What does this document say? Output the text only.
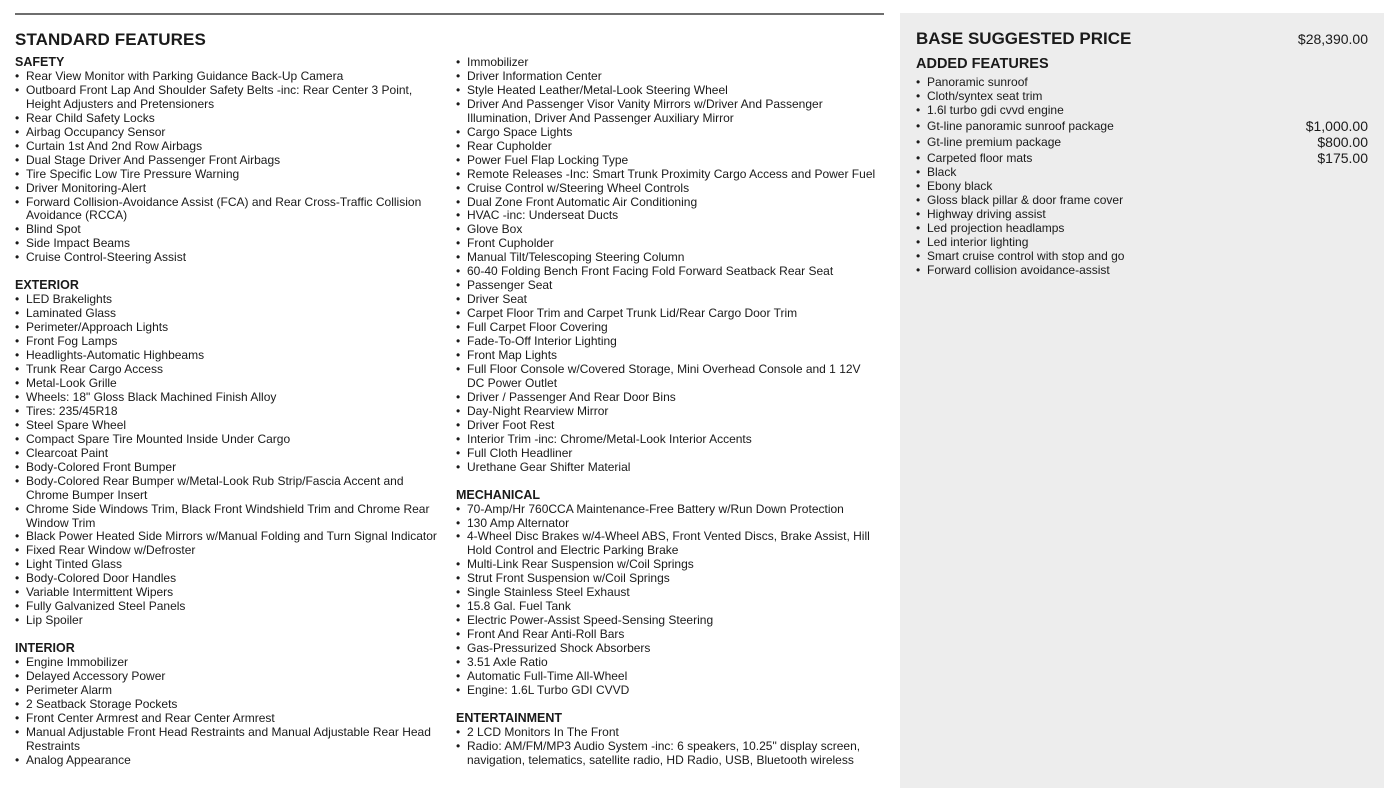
STANDARD FEATURES
SAFETY
• Rear View Monitor with Parking Guidance Back-Up Camera
• Outboard Front Lap And Shoulder Safety Belts -inc: Rear Center 3 Point, Height Adjusters and Pretensioners
• Rear Child Safety Locks
• Airbag Occupancy Sensor
• Curtain 1st And 2nd Row Airbags
• Dual Stage Driver And Passenger Front Airbags
• Tire Specific Low Tire Pressure Warning
• Driver Monitoring-Alert
• Forward Collision-Avoidance Assist (FCA) and Rear Cross-Traffic Collision Avoidance (RCCA)
• Blind Spot
• Side Impact Beams
• Cruise Control-Steering Assist
EXTERIOR
• LED Brakelights
• Laminated Glass
• Perimeter/Approach Lights
• Front Fog Lamps
• Headlights-Automatic Highbeams
• Trunk Rear Cargo Access
• Metal-Look Grille
• Wheels: 18" Gloss Black Machined Finish Alloy
• Tires: 235/45R18
• Steel Spare Wheel
• Compact Spare Tire Mounted Inside Under Cargo
• Clearcoat Paint
• Body-Colored Front Bumper
• Body-Colored Rear Bumper w/Metal-Look Rub Strip/Fascia Accent and Chrome Bumper Insert
• Chrome Side Windows Trim, Black Front Windshield Trim and Chrome Rear Window Trim
• Black Power Heated Side Mirrors w/Manual Folding and Turn Signal Indicator
• Fixed Rear Window w/Defroster
• Light Tinted Glass
• Body-Colored Door Handles
• Variable Intermittent Wipers
• Fully Galvanized Steel Panels
• Lip Spoiler
INTERIOR
• Engine Immobilizer
• Delayed Accessory Power
• Perimeter Alarm
• 2 Seatback Storage Pockets
• Front Center Armrest and Rear Center Armrest
• Manual Adjustable Front Head Restraints and Manual Adjustable Rear Head Restraints
• Analog Appearance
• Immobilizer
• Driver Information Center
• Style Heated Leather/Metal-Look Steering Wheel
• Driver And Passenger Visor Vanity Mirrors w/Driver And Passenger Illumination, Driver And Passenger Auxiliary Mirror
• Cargo Space Lights
• Rear Cupholder
• Power Fuel Flap Locking Type
• Remote Releases -Inc: Smart Trunk Proximity Cargo Access and Power Fuel
• Cruise Control w/Steering Wheel Controls
• Dual Zone Front Automatic Air Conditioning
• HVAC -inc: Underseat Ducts
• Glove Box
• Front Cupholder
• Manual Tilt/Telescoping Steering Column
• 60-40 Folding Bench Front Facing Fold Forward Seatback Rear Seat
• Passenger Seat
• Driver Seat
• Carpet Floor Trim and Carpet Trunk Lid/Rear Cargo Door Trim
• Full Carpet Floor Covering
• Fade-To-Off Interior Lighting
• Front Map Lights
• Full Floor Console w/Covered Storage, Mini Overhead Console and 1 12V DC Power Outlet
• Driver / Passenger And Rear Door Bins
• Day-Night Rearview Mirror
• Driver Foot Rest
• Interior Trim -inc: Chrome/Metal-Look Interior Accents
• Full Cloth Headliner
• Urethane Gear Shifter Material
MECHANICAL
• 70-Amp/Hr 760CCA Maintenance-Free Battery w/Run Down Protection
• 130 Amp Alternator
• 4-Wheel Disc Brakes w/4-Wheel ABS, Front Vented Discs, Brake Assist, Hill Hold Control and Electric Parking Brake
• Multi-Link Rear Suspension w/Coil Springs
• Strut Front Suspension w/Coil Springs
• Single Stainless Steel Exhaust
• 15.8 Gal. Fuel Tank
• Electric Power-Assist Speed-Sensing Steering
• Front And Rear Anti-Roll Bars
• Gas-Pressurized Shock Absorbers
• 3.51 Axle Ratio
• Automatic Full-Time All-Wheel
• Engine: 1.6L Turbo GDI CVVD
ENTERTAINMENT
• 2 LCD Monitors In The Front
• Radio: AM/FM/MP3 Audio System -inc: 6 speakers, 10.25" display screen, navigation, telematics, satellite radio, HD Radio, USB, Bluetooth wireless
BASE SUGGESTED PRICE	$28,390.00
ADDED FEATURES
• Panoramic sunroof
• Cloth/syntex seat trim
• 1.6l turbo gdi cvvd engine
• Gt-line panoramic sunroof package	$1,000.00
• Gt-line premium package	$800.00
• Carpeted floor mats	$175.00
• Black
• Ebony black
• Gloss black pillar & door frame cover
• Highway driving assist
• Led projection headlamps
• Led interior lighting
• Smart cruise control with stop and go
• Forward collision avoidance-assist
